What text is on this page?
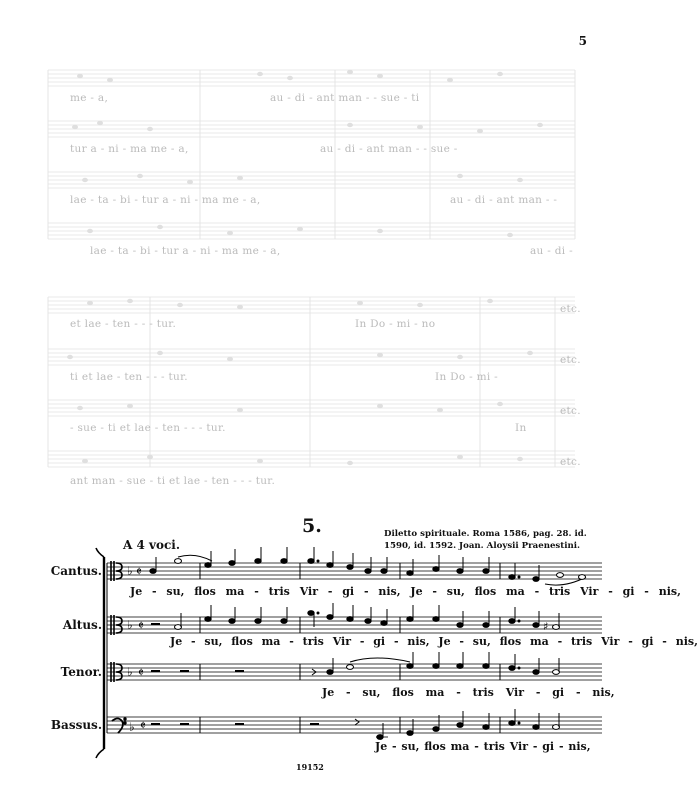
5
♭
♭
♭
♭
𝄵
𝄵
𝄵
𝄵
♯
me - a,	au - di - ant man - - sue - ti
tur a - ni - ma me - a,	au - di - ant man - - sue -
lae - ta - bi - tur a - ni - ma me - a,	au - di - ant man - -
lae - ta - bi - tur a - ni - ma me - a,	au - di -
et lae - ten - - - tur.	In Do - mi - no
etc.
ti et lae - ten - - - tur.	In Do - mi -
etc.
- sue - ti et lae - ten - - - tur.	In
etc.
ant man - sue - ti et lae - ten - - - tur.
etc.
5.
A 4 voci.
Diletto spirituale. Roma 1586, pag. 28. id. 1590, id. 1592. Joan. Aloysii Praenestini.
Cantus.
Altus.
Tenor.
Bassus.
Je - su, flos ma - tris Vir - gi - nis, Je - su, flos ma - tris Vir - gi - nis,
Je - su, flos ma - tris Vir - gi - nis, Je - su, flos ma - tris Vir - gi - nis,
Je - su, flos ma - tris Vir - gi - nis,
Je - su, flos ma - tris Vir - gi - nis,
19152
